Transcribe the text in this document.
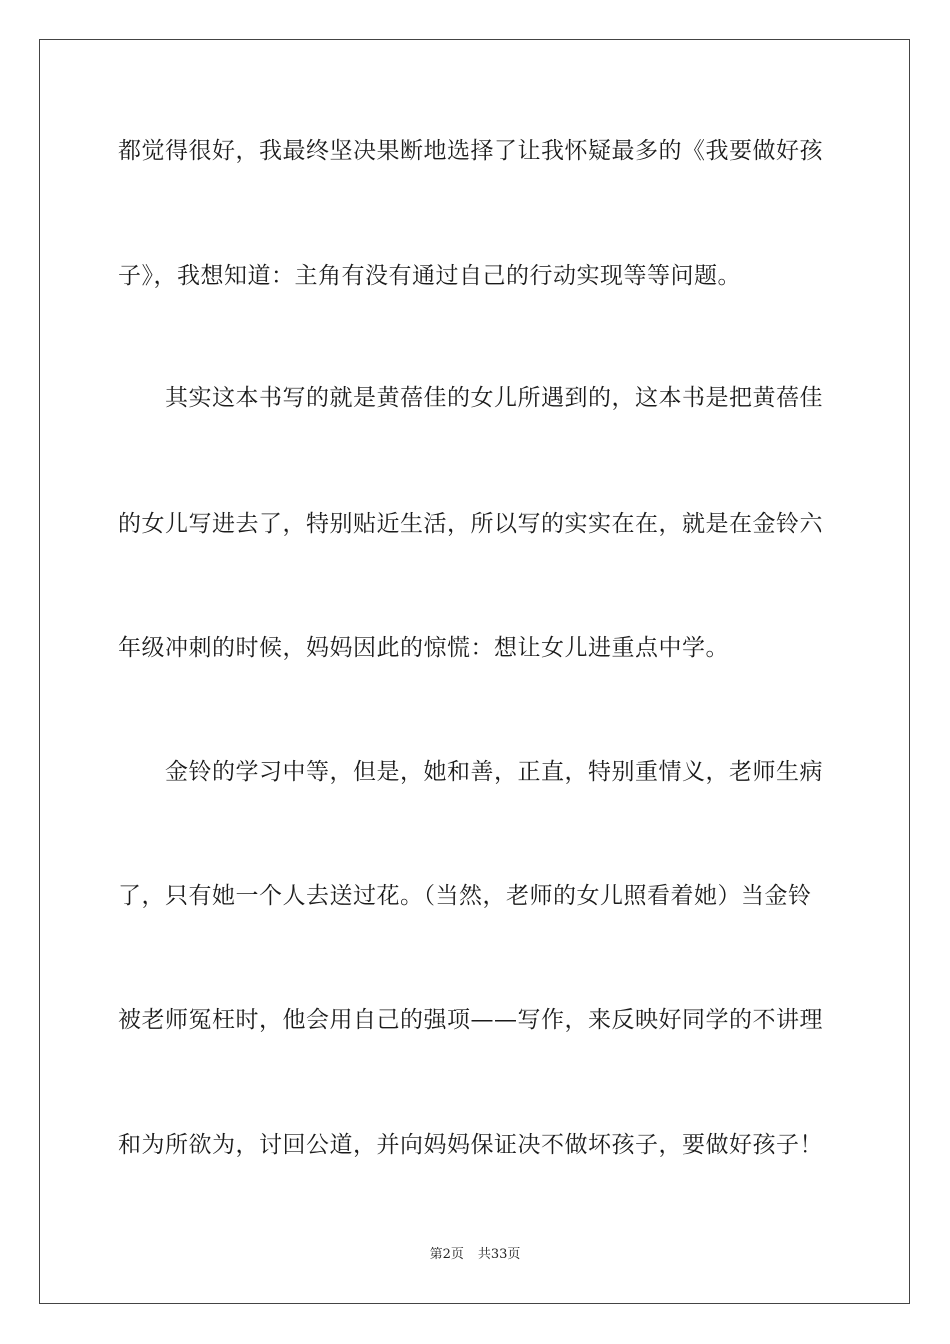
都觉得很好，我最终坚决果断地选择了让我怀疑最多的《我要做好孩
子》，我想知道：主角有没有通过自己的行动实现等等问题。
其实这本书写的就是黄蓓佳的女儿所遇到的，这本书是把黄蓓佳
的女儿写进去了，特别贴近生活，所以写的实实在在，就是在金铃六
年级冲刺的时候，妈妈因此的惊慌：想让女儿进重点中学。
金铃的学习中等，但是，她和善，正直，特别重情义，老师生病
了，只有她一个人去送过花。（当然，老师的女儿照看着她）当金铃
被老师冤枉时，他会用自己的强项——写作，来反映好同学的不讲理
和为所欲为，讨回公道，并向妈妈保证决不做坏孩子，要做好孩子！
第2页 共33页
